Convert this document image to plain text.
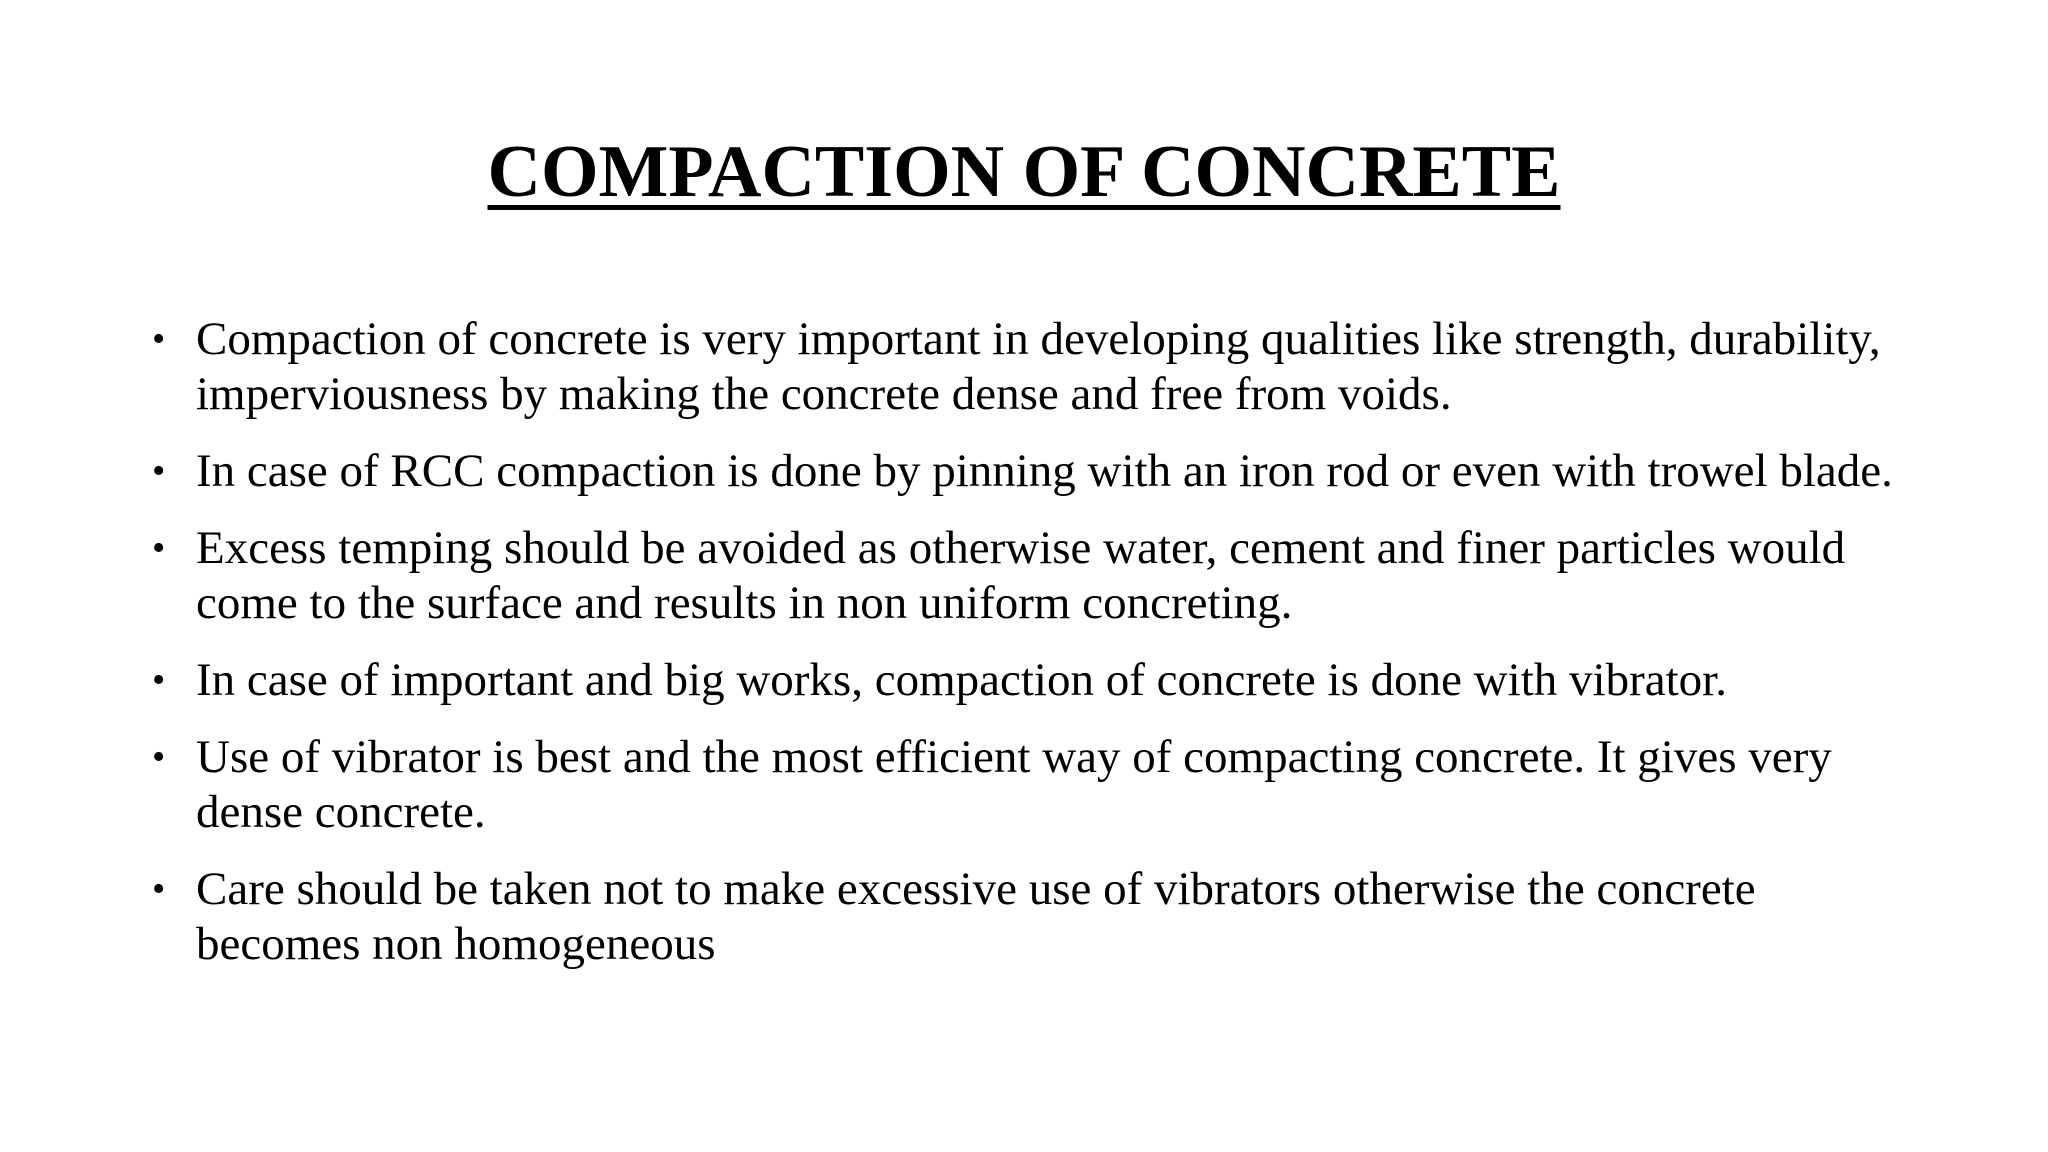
COMPACTION OF CONCRETE
• Compaction of concrete is very important in developing qualities like strength, durability, imperviousness by making the concrete dense and free from voids.
• In case of RCC compaction is done by pinning with an iron rod or even with trowel blade.
• Excess temping should be avoided as otherwise water, cement and finer particles would come to the surface and results in non uniform concreting.
• In case of important and big works, compaction of concrete is done with vibrator.
• Use of vibrator is best and the most efficient way of compacting concrete. It gives very dense concrete.
• Care should be taken not to make excessive use of vibrators otherwise the concrete becomes non homogeneous
